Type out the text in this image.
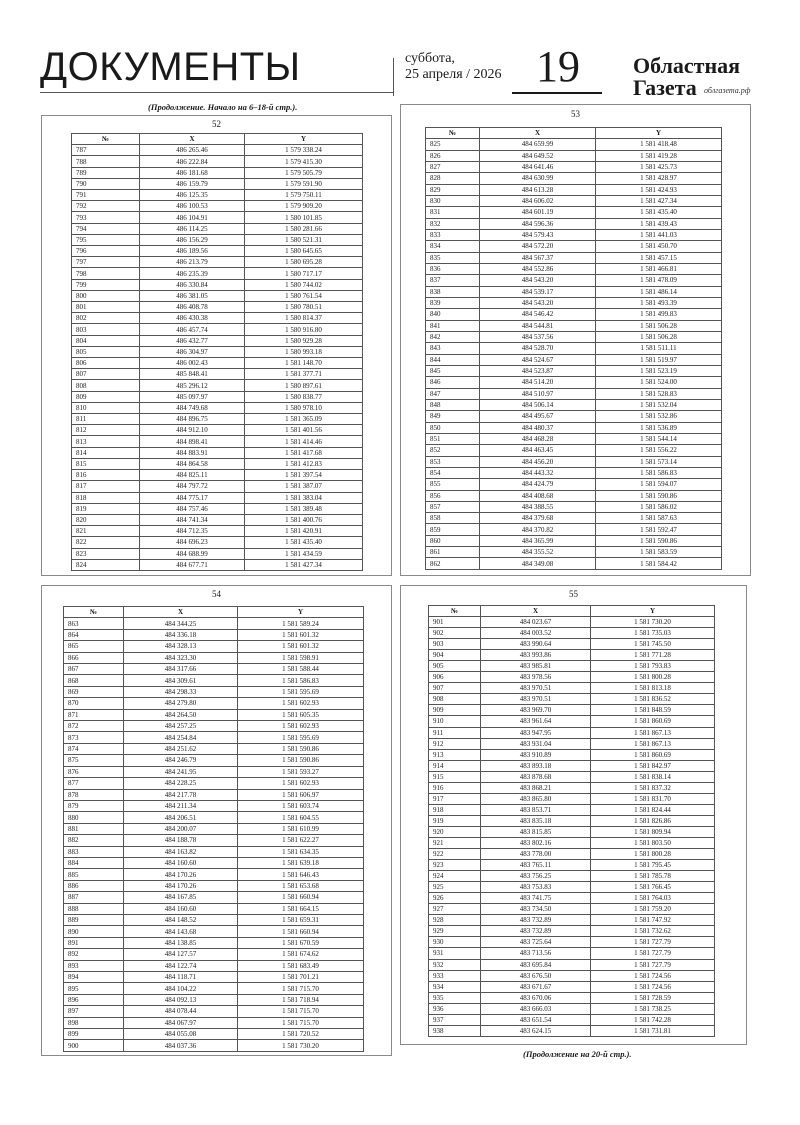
ДОКУМЕНТЫ	суббота,
25 апреля / 2026 19	Областная
Газета облгазета.рф
(Продолжение. Начало на 6–18-й стр.).
52
№	X	Y
787	486 265.46	1 579 338.24
788	486 222.84	1 579 415.30
789	486 181.68	1 579 505.79
790	486 159.79	1 579 591.90
791	486 125.35	1 579 750.11
792	486 100.53	1 579 909.20
793	486 104.91	1 580 101.85
794	486 114.25	1 580 281.66
795	486 156.29	1 580 521.31
796	486 189.56	1 580 645.65
797	486 213.79	1 580 695.28
798	486 235.39	1 580 717.17
799	486 330.84	1 580 744.02
800	486 381.05	1 580 761.54
801	486 408.78	1 580 780.51
802	486 430.38	1 580 814.37
803	486 457.74	1 580 916.80
804	486 432.77	1 580 929.28
805	486 304.97	1 580 993.18
806	486 002.43	1 581 148.70
807	485 848.41	1 581 377.71
808	485 296.12	1 580 897.61
809	485 097.97	1 580 838.77
810	484 749.68	1 580 978.10
811	484 896.75	1 581 365.09
812	484 912.10	1 581 401.56
813	484 898.41	1 581 414.46
814	484 883.91	1 581 417.68
815	484 864.58	1 581 412.83
816	484 825.11	1 581 397.54
817	484 797.72	1 581 387.07
818	484 775.17	1 581 383.04
819	484 757.46	1 581 389.48
820	484 741.34	1 581 400.76
821	484 712.35	1 581 420.91
822	484 696.23	1 581 435.40
823	484 688.99	1 581 434.59
824	484 677.71	1 581 427.34
53
№	X	Y
825	484 659.99	1 581 418.48
826	484 649.52	1 581 419.28
827	484 641.46	1 581 425.73
828	484 630.99	1 581 428.97
829	484 613.28	1 581 424.93
830	484 606.02	1 581 427.34
831	484 601.19	1 581 435.40
832	484 596.36	1 581 439.43
833	484 579.43	1 581 441.03
834	484 572.20	1 581 450.70
835	484 567.37	1 581 457.15
836	484 552.86	1 581 466.81
837	484 543.20	1 581 478.09
838	484 539.17	1 581 486.14
839	484 543.20	1 581 493.39
840	484 546.42	1 581 499.83
841	484 544.81	1 581 506.28
842	484 537.56	1 581 506.28
843	484 528.70	1 581 511.11
844	484 524.67	1 581 519.97
845	484 523.87	1 581 523.19
846	484 514.20	1 581 524.00
847	484 510.97	1 581 528.83
848	484 506.14	1 581 532.04
849	484 495.67	1 581 532.86
850	484 480.37	1 581 536.89
851	484 468.28	1 581 544.14
852	484 463.45	1 581 556.22
853	484 456.20	1 581 573.14
854	484 443.32	1 581 586.83
855	484 424.79	1 581 594.07
856	484 408.68	1 581 590.86
857	484 388.55	1 581 586.02
858	484 379.68	1 581 587.63
859	484 370.82	1 581 592.47
860	484 365.99	1 581 590.86
861	484 355.52	1 581 583.59
862	484 349.08	1 581 584.42
54
№	X	Y
863	484 344.25	1 581 589.24
864	484 336.18	1 581 601.32
865	484 328.13	1 581 601.32
866	484 323.30	1 581 598.91
867	484 317.66	1 581 588.44
868	484 309.61	1 581 586.83
869	484 298.33	1 581 595.69
870	484 279.80	1 581 602.93
871	484 264.50	1 581 605.35
872	484 257.25	1 581 602.93
873	484 254.84	1 581 595.69
874	484 251.62	1 581 590.86
875	484 246.79	1 581 590.86
876	484 241.95	1 581 593.27
877	484 228.25	1 581 602.93
878	484 217.78	1 581 606.97
879	484 211.34	1 581 603.74
880	484 206.51	1 581 604.55
881	484 200.07	1 581 610.99
882	484 188.78	1 581 622.27
883	484 163.82	1 581 634.35
884	484 160.60	1 581 639.18
885	484 170.26	1 581 646.43
886	484 170.26	1 581 653.68
887	484 167.85	1 581 660.94
888	484 160.60	1 581 664.15
889	484 148.52	1 581 659.31
890	484 143.68	1 581 660.94
891	484 138.85	1 581 670.59
892	484 127.57	1 581 674.62
893	484 122.74	1 581 683.49
894	484 118.71	1 581 701.21
895	484 104.22	1 581 715.70
896	484 092.13	1 581 718.94
897	484 078.44	1 581 715.70
898	484 067.97	1 581 715.70
899	484 055.08	1 581 720.52
900	484 037.36	1 581 730.20
55
№	X	Y
901	484 023.67	1 581 730.20
902	484 003.52	1 581 735.03
903	483 990.64	1 581 745.50
904	483 993.86	1 581 771.28
905	483 985.81	1 581 793.83
906	483 978.56	1 581 800.28
907	483 970.51	1 581 813.18
908	483 970.51	1 581 836.52
909	483 969.70	1 581 848.59
910	483 961.64	1 581 860.69
911	483 947.95	1 581 867.13
912	483 931.04	1 581 867.13
913	483 910.89	1 581 860.69
914	483 893.18	1 581 842.97
915	483 878.68	1 581 838.14
916	483 868.21	1 581 837.32
917	483 865.80	1 581 831.70
918	483 853.71	1 581 824.44
919	483 835.18	1 581 826.86
920	483 815.85	1 581 809.94
921	483 802.16	1 581 803.50
922	483 778.00	1 581 800.28
923	483 765.11	1 581 795.45
924	483 756.25	1 581 785.78
925	483 753.83	1 581 766.45
926	483 741.75	1 581 764.03
927	483 734.50	1 581 759.20
928	483 732.89	1 581 747.92
929	483 732.89	1 581 732.62
930	483 725.64	1 581 727.79
931	483 713.56	1 581 727.79
932	483 695.84	1 581 727.79
933	483 676.50	1 581 724.56
934	483 671.67	1 581 724.56
935	483 670.06	1 581 728.59
936	483 666.03	1 581 738.25
937	483 651.54	1 581 742.28
938	483 624.15	1 581 731.81
(Продолжение на 20-й стр.).
